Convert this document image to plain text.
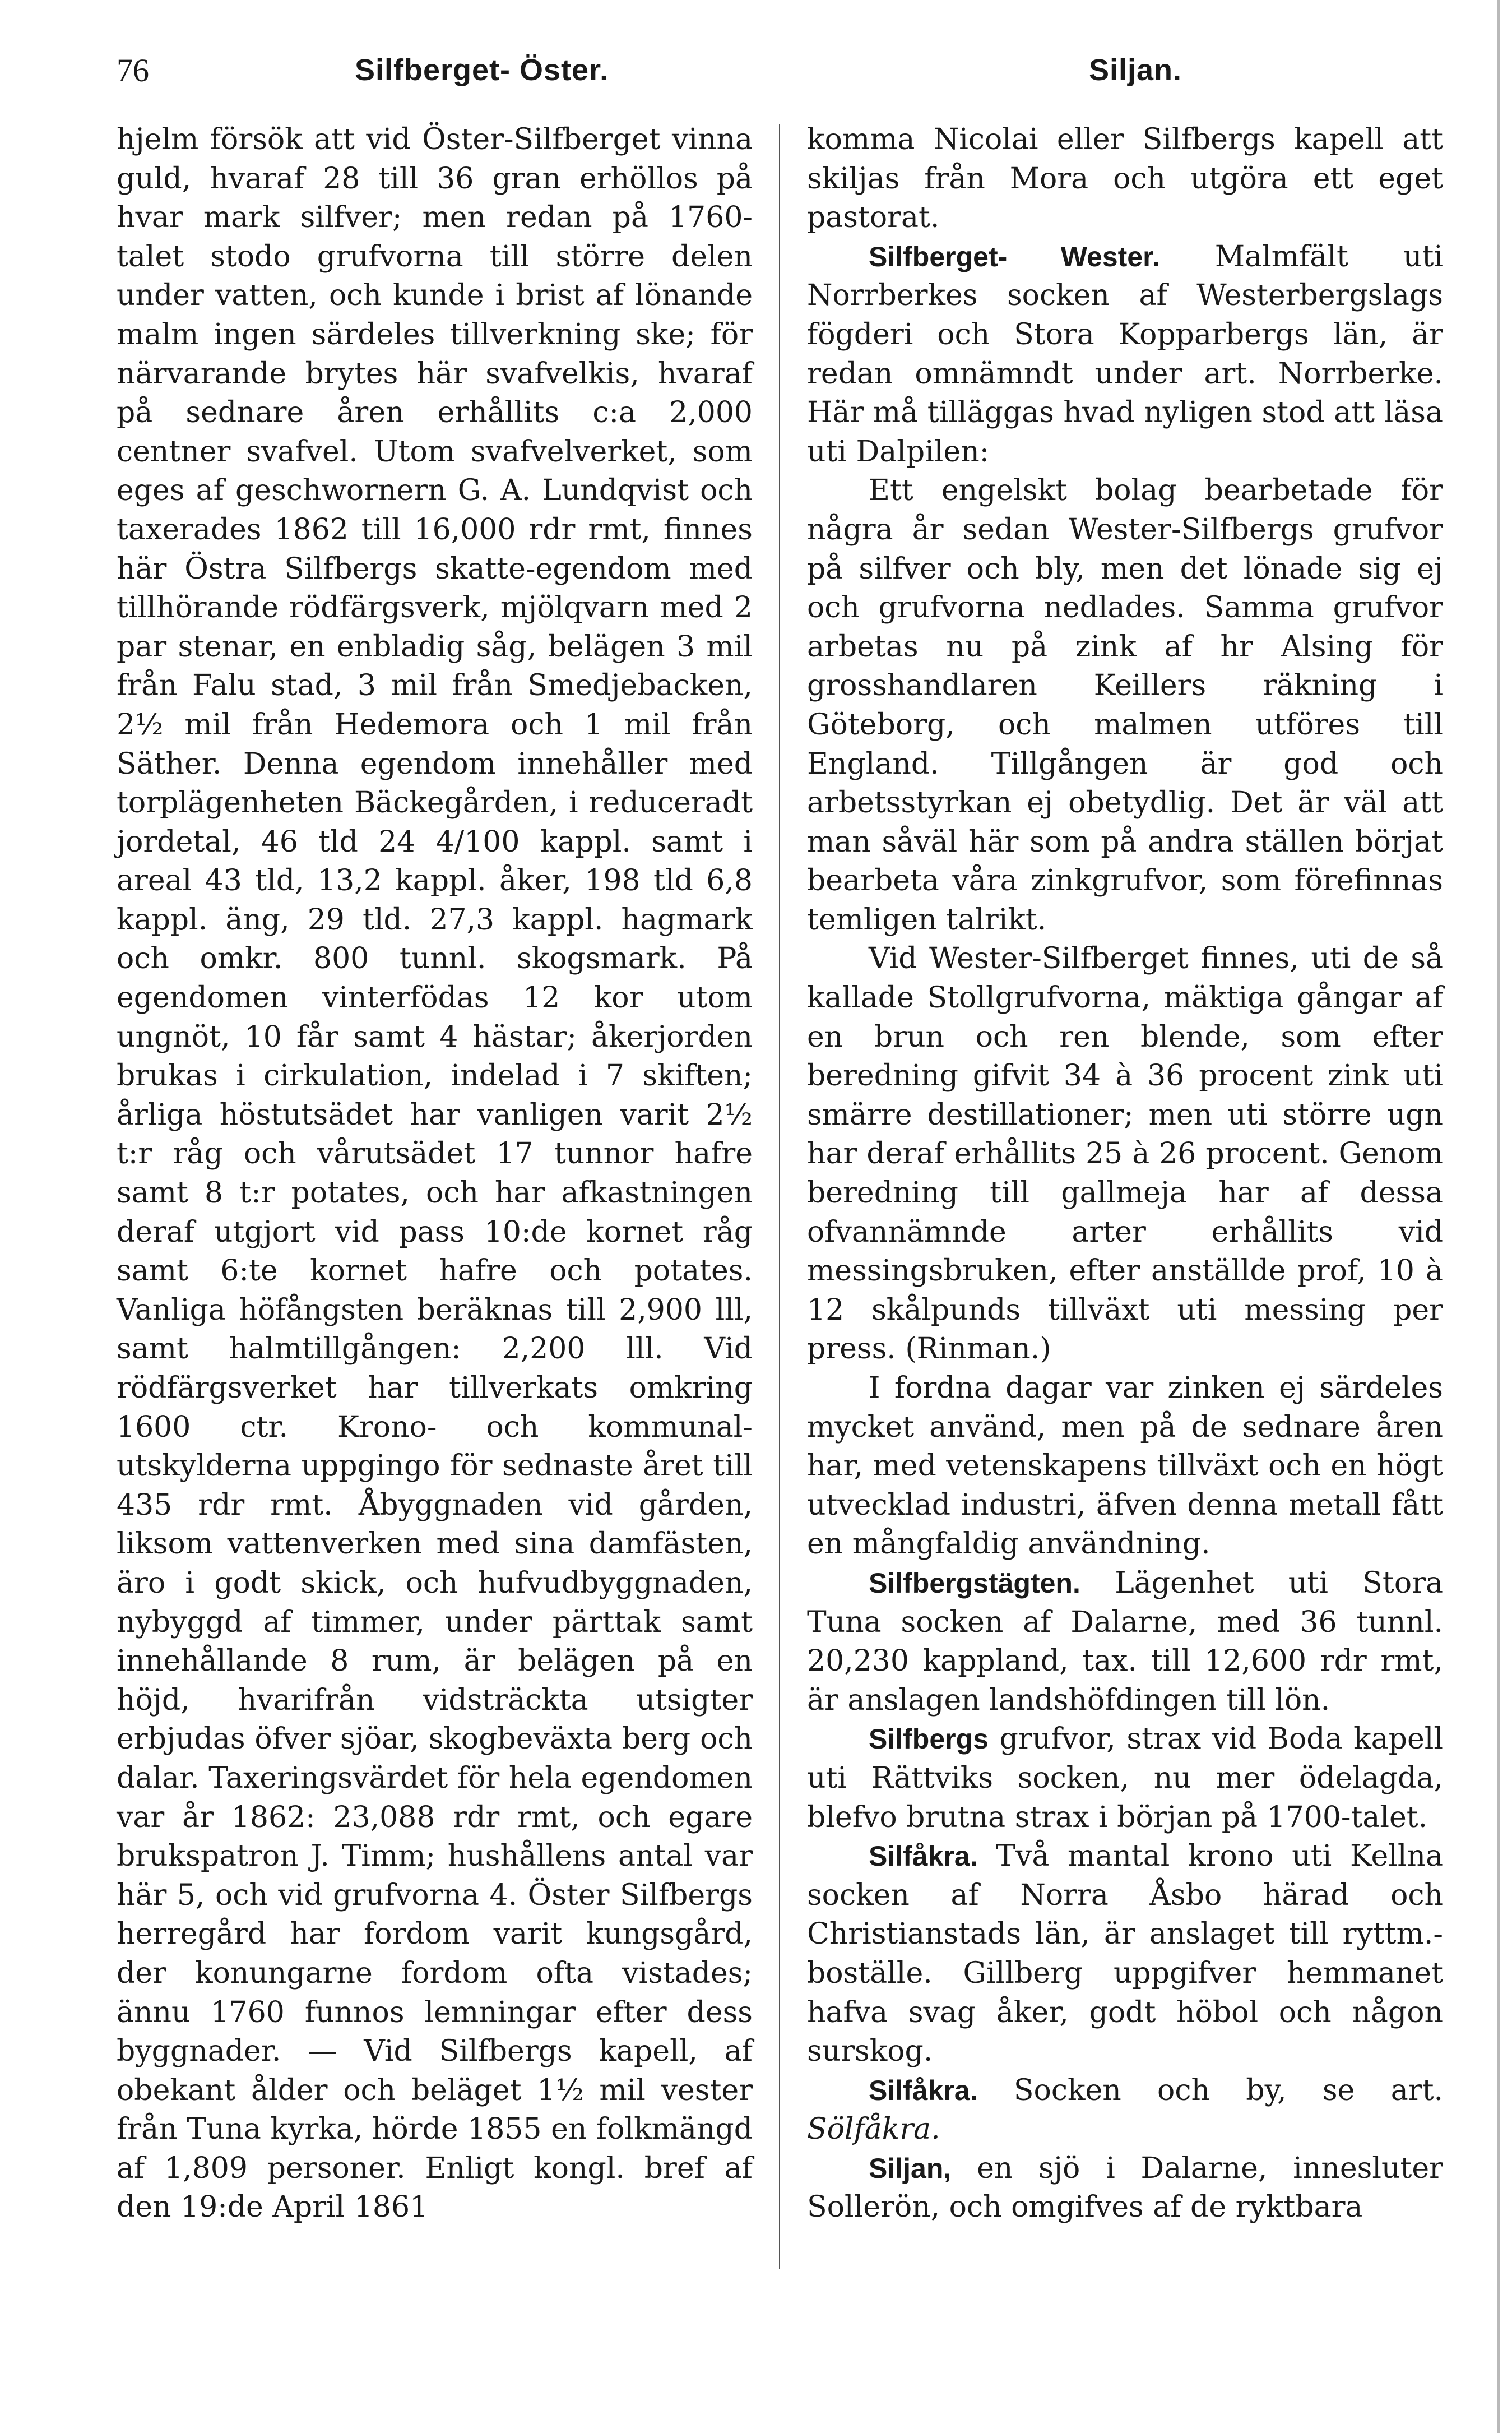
76	Silfberget- Öster.	Siljan.

hjelm försök att vid Öster-Silfberget vinna guld, hvaraf 28 till 36 gran erhöllos på hvar mark silfver; men redan på 1760-talet stodo grufvorna till större delen under vatten, och kunde i brist af lönande malm ingen särdeles tillverkning ske; för närvarande brytes här svafvelkis, hvaraf på sednare åren erhållits c:a 2,000 centner svafvel. Utom svafvelverket, som eges af geschwornern G. A. Lundqvist och taxerades 1862 till 16,000 rdr rmt, finnes här Östra Silfbergs skatte-egendom med tillhörande rödfärgsverk, mjölqvarn med 2 par stenar, en enbladig såg, belägen 3 mil från Falu stad, 3 mil från Smedjebacken, 2½ mil från Hedemora och 1 mil från Säther. Denna egendom innehåller med torplägenheten Bäckegården, i reduceradt jordetal, 46 tld 24 4/100 kappl. samt i areal 43 tld, 13,2 kappl. åker, 198 tld 6,8 kappl. äng, 29 tld. 27,3 kappl. hagmark och omkr. 800 tunnl. skogsmark. På egendomen vinterfödas 12 kor utom ungnöt, 10 får samt 4 hästar; åkerjorden brukas i cirkulation, indelad i 7 skiften; årliga höstutsädet har vanligen varit 2½ t:r råg och vårutsädet 17 tunnor hafre samt 8 t:r potates, och har afkastningen deraf utgjort vid pass 10:de kornet råg samt 6:te kornet hafre och potates. Vanliga höfångsten beräknas till 2,900 lll, samt halmtillgången: 2,200 lll. Vid rödfärgsverket har tillverkats omkring 1600 ctr. Krono- och kommunal-utskylderna uppgingo för sednaste året till 435 rdr rmt. Åbyggnaden vid gården, liksom vattenverken med sina damfästen, äro i godt skick, och hufvudbyggnaden, nybyggd af timmer, under pärttak samt innehållande 8 rum, är belägen på en höjd, hvarifrån vidsträckta utsigter erbjudas öfver sjöar, skogbeväxta berg och dalar. Taxeringsvärdet för hela egendomen var år 1862: 23,088 rdr rmt, och egare brukspatron J. Timm; hushållens antal var här 5, och vid grufvorna 4. Öster Silfbergs herregård har fordom varit kungsgård, der konungarne fordom ofta vistades; ännu 1760 funnos lemningar efter dess byggnader. — Vid Silfbergs kapell, af obekant ålder och beläget 1½ mil vester från Tuna kyrka, hörde 1855 en folkmängd af 1,809 personer. Enligt kongl. bref af den 19:de April 1861

komma Nicolai eller Silfbergs kapell att skiljas från Mora och utgöra ett eget pastorat.

Silfberget- Wester. Malmfält uti Norrberkes socken af Westerbergslags fögderi och Stora Kopparbergs län, är redan omnämndt under art. Norrberke. Här må tilläggas hvad nyligen stod att läsa uti Dalpilen:

Ett engelskt bolag bearbetade för några år sedan Wester-Silfbergs grufvor på silfver och bly, men det lönade sig ej och grufvorna nedlades. Samma grufvor arbetas nu på zink af hr Alsing för grosshandlaren Keillers räkning i Göteborg, och malmen utföres till England. Tillgången är god och arbetsstyrkan ej obetydlig. Det är väl att man såväl här som på andra ställen börjat bearbeta våra zinkgrufvor, som förefinnas temligen talrikt.

Vid Wester-Silfberget finnes, uti de så kallade Stollgrufvorna, mäktiga gångar af en brun och ren blende, som efter beredning gifvit 34 à 36 procent zink uti smärre destillationer; men uti större ugn har deraf erhållits 25 à 26 procent. Genom beredning till gallmeja har af dessa ofvannämnde arter erhållits vid messingsbruken, efter anställde prof, 10 à 12 skålpunds tillväxt uti messing per press. (Rinman.)

I fordna dagar var zinken ej särdeles mycket använd, men på de sednare åren har, med vetenskapens tillväxt och en högt utvecklad industri, äfven denna metall fått en mångfaldig användning.

Silfbergstägten. Lägenhet uti Stora Tuna socken af Dalarne, med 36 tunnl. 20,230 kappland, tax. till 12,600 rdr rmt, är anslagen landshöfdingen till lön.

Silfbergs grufvor, strax vid Boda kapell uti Rättviks socken, nu mer ödelagda, blefvo brutna strax i början på 1700-talet.

Silfåkra. Två mantal krono uti Kellna socken af Norra Åsbo härad och Christianstads län, är anslaget till ryttm.-boställe. Gillberg uppgifver hemmanet hafva svag åker, godt höbol och någon surskog.

Silfåkra. Socken och by, se art. Sölfåkra.

Siljan, en sjö i Dalarne, innesluter Sollerön, och omgifves af de ryktbara
